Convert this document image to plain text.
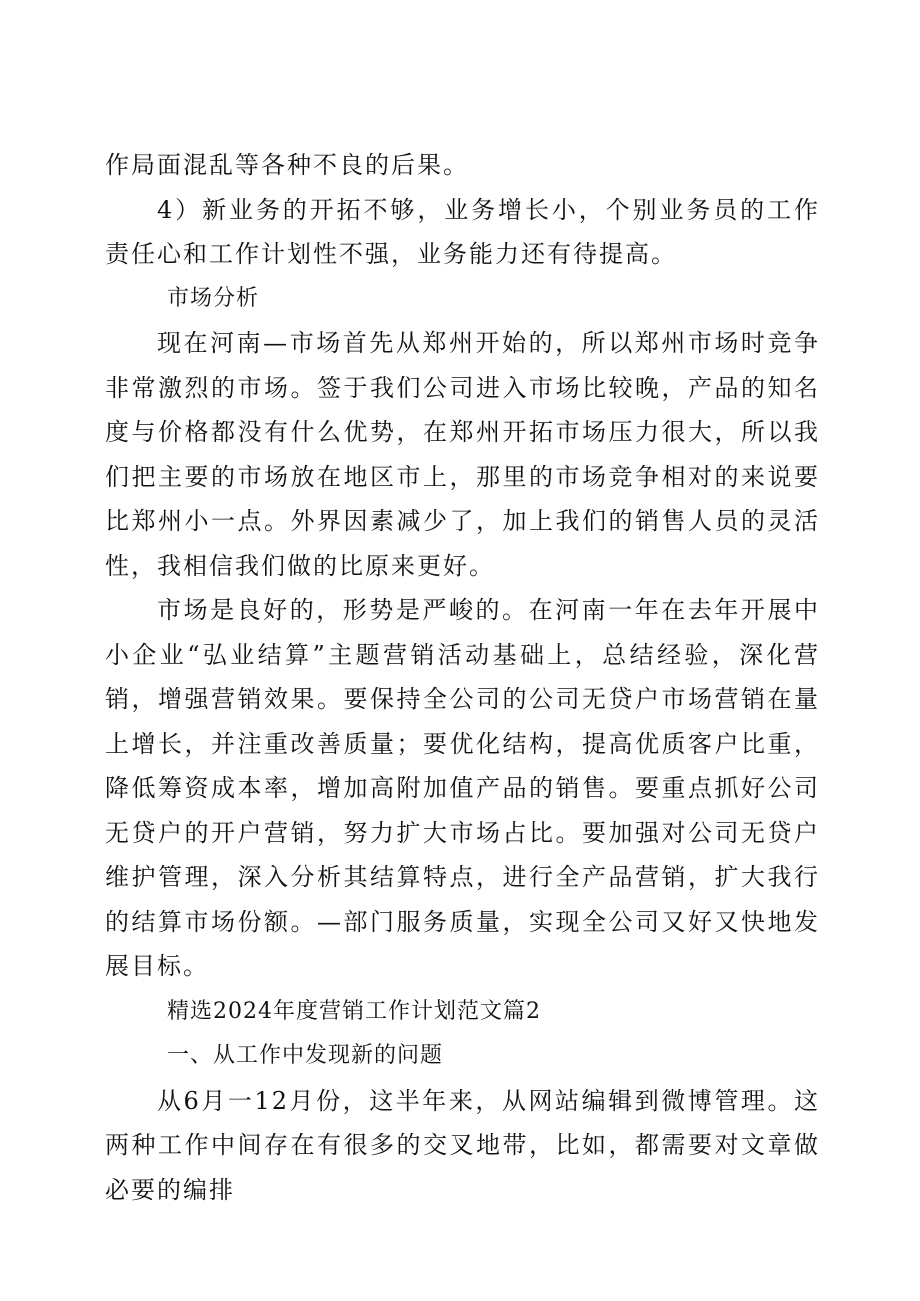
作局面混乱等各种不良的后果。

4）新业务的开拓不够，业务增长小，个别业务员的工作责任心和工作计划性不强，业务能力还有待提高。

市场分析

现在河南—市场首先从郑州开始的，所以郑州市场时竞争非常激烈的市场。签于我们公司进入市场比较晚，产品的知名度与价格都没有什么优势，在郑州开拓市场压力很大，所以我们把主要的市场放在地区市上，那里的市场竞争相对的来说要比郑州小一点。外界因素减少了，加上我们的销售人员的灵活性，我相信我们做的比原来更好。

市场是良好的，形势是严峻的。在河南一年在去年开展中小企业“弘业结算”主题营销活动基础上，总结经验，深化营销，增强营销效果。要保持全公司的公司无贷户市场营销在量上增长，并注重改善质量；要优化结构，提高优质客户比重，降低筹资成本率，增加高附加值产品的销售。要重点抓好公司无贷户的开户营销，努力扩大市场占比。要加强对公司无贷户维护管理，深入分析其结算特点，进行全产品营销，扩大我行的结算市场份额。—部门服务质量，实现全公司又好又快地发展目标。

精选2024年度营销工作计划范文篇2

一、从工作中发现新的问题

从6月一12月份，这半年来，从网站编辑到微博管理。这两种工作中间存在有很多的交叉地带，比如，都需要对文章做必要的编排
